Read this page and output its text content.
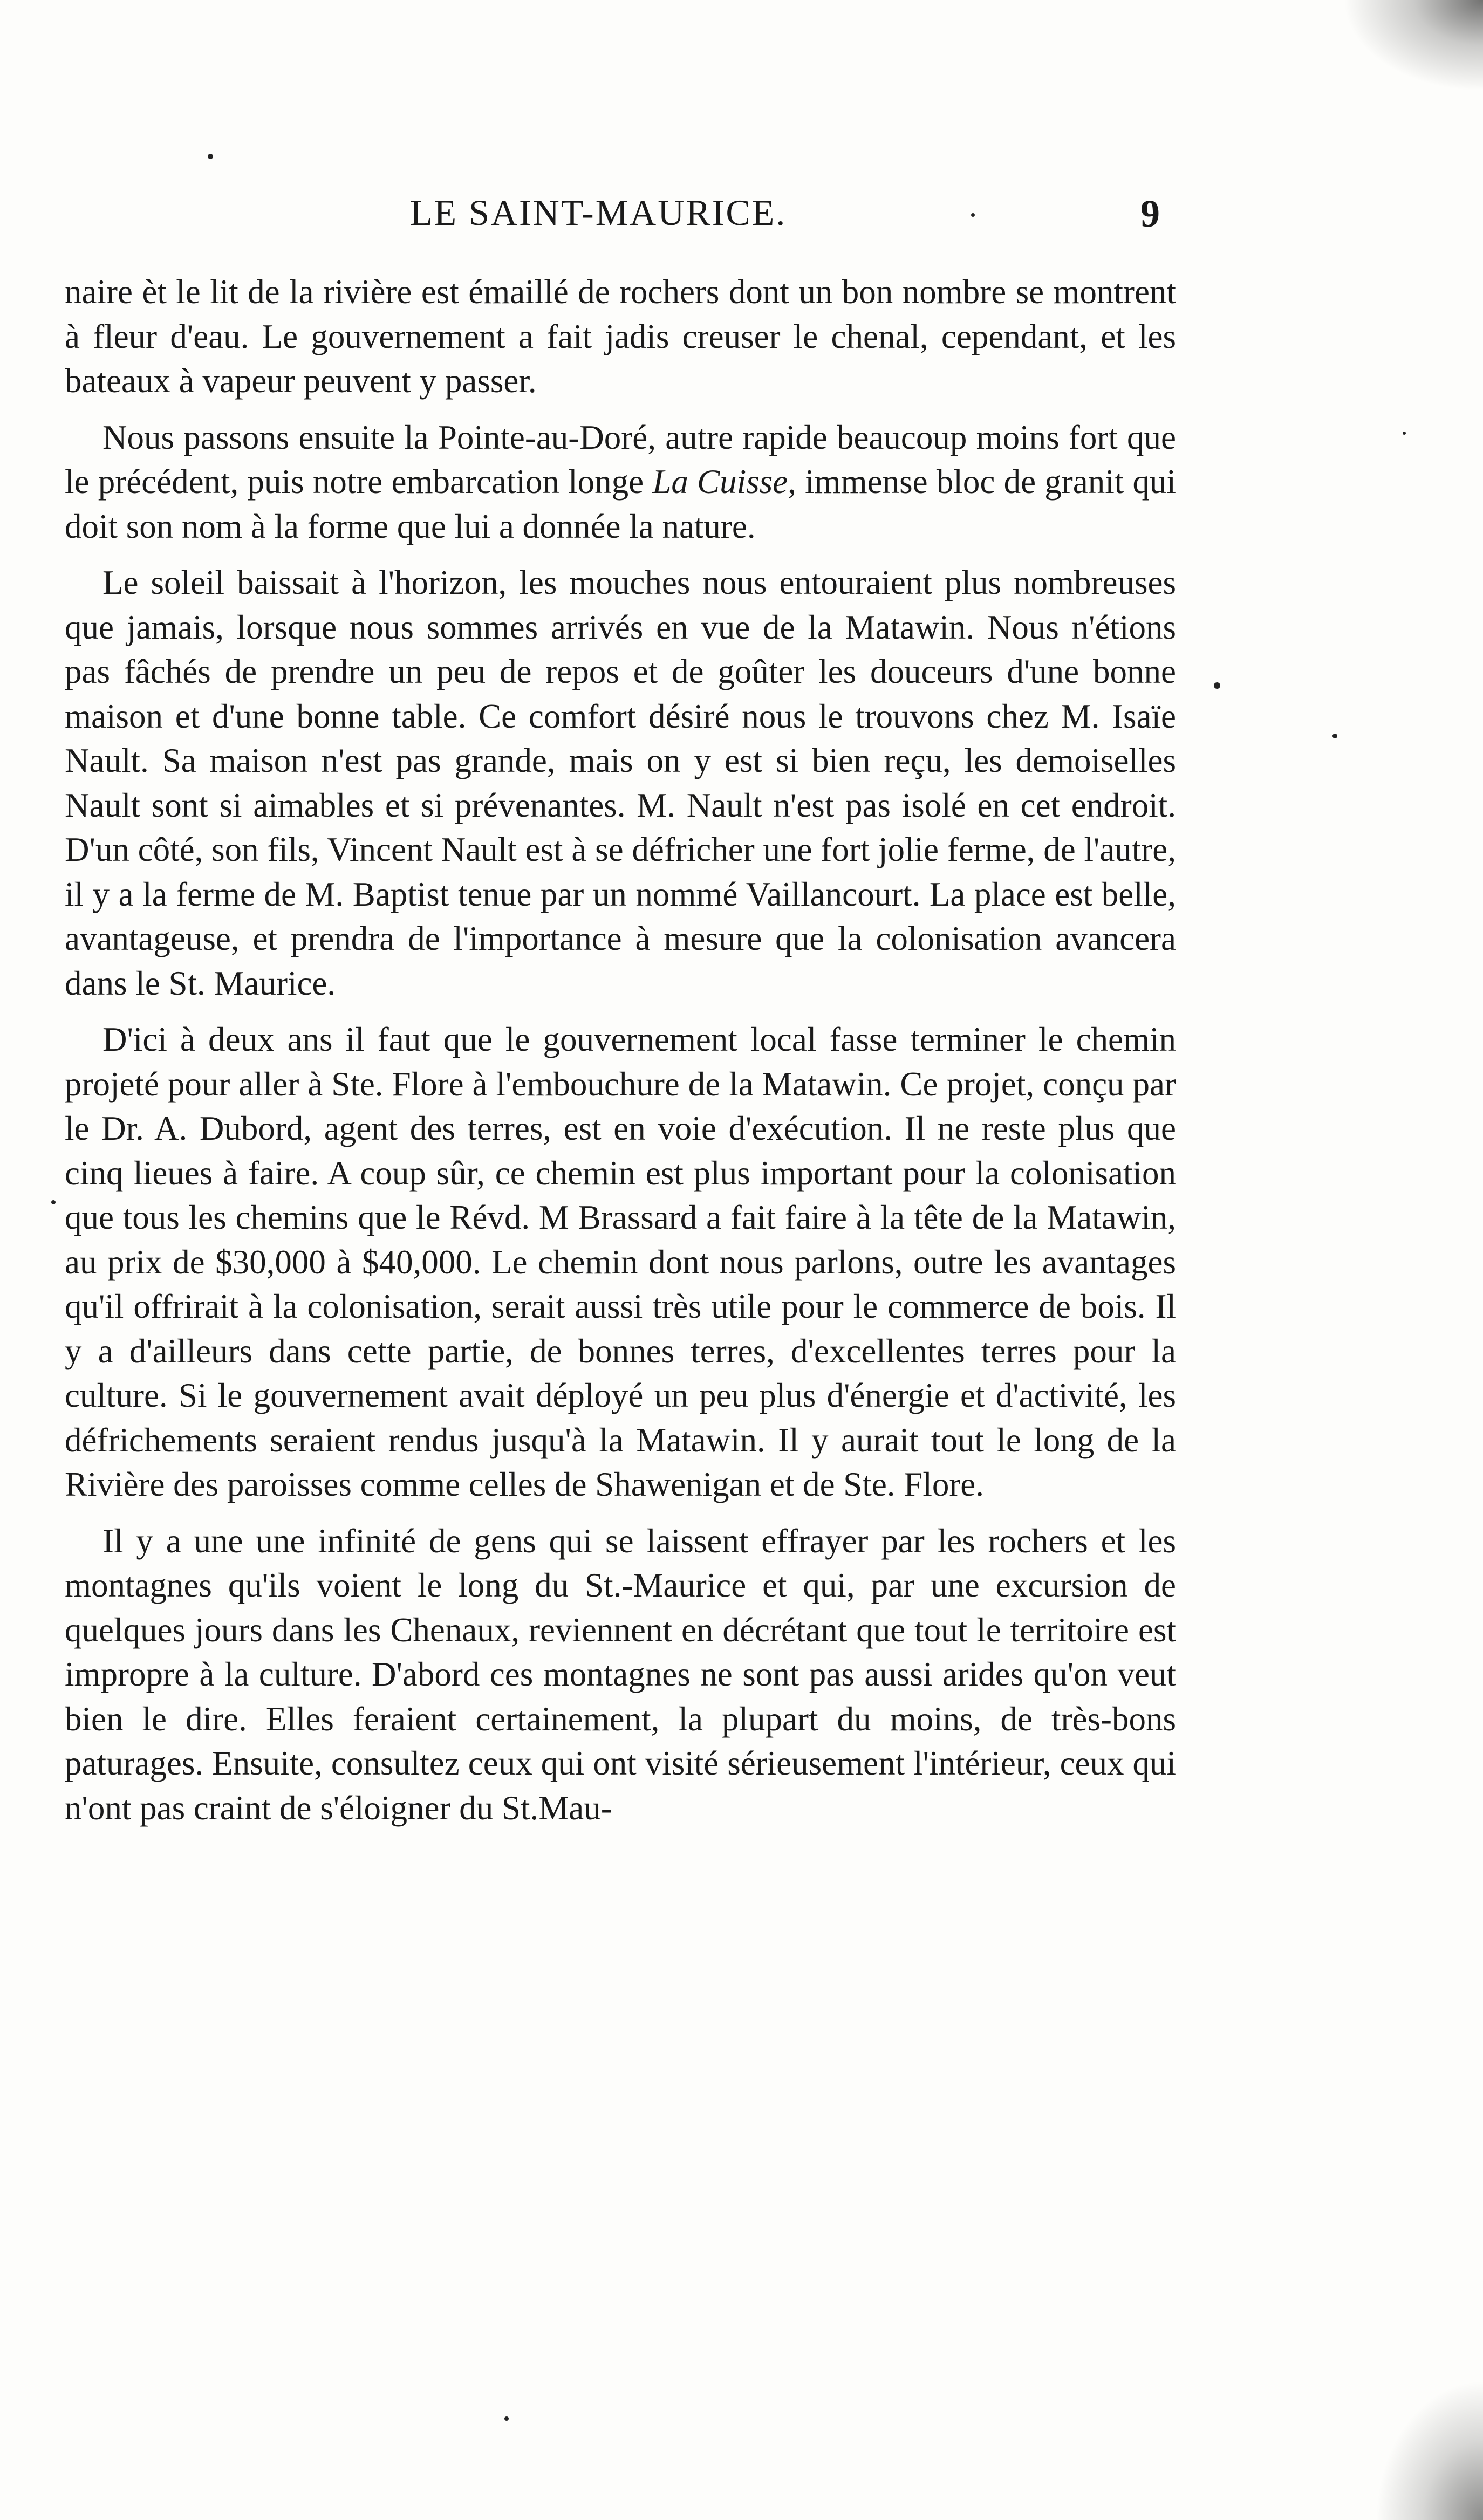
LE SAINT-MAURICE.	9

naire èt le lit de la rivière est émaillé de rochers dont un bon nombre se montrent à fleur d'eau. Le gouvernement a fait jadis creuser le chenal, cependant, et les bateaux à vapeur peuvent y passer.

Nous passons ensuite la Pointe-au-Doré, autre rapide beaucoup moins fort que le précédent, puis notre embarcation longe La Cuisse, immense bloc de granit qui doit son nom à la forme que lui a donnée la nature.

Le soleil baissait à l'horizon, les mouches nous entouraient plus nombreuses que jamais, lorsque nous sommes arrivés en vue de la Matawin. Nous n'étions pas fâchés de prendre un peu de repos et de goûter les douceurs d'une bonne maison et d'une bonne table. Ce comfort désiré nous le trouvons chez M. Isaïe Nault. Sa maison n'est pas grande, mais on y est si bien reçu, les demoiselles Nault sont si aimables et si prévenantes. M. Nault n'est pas isolé en cet endroit. D'un côté, son fils, Vincent Nault est à se défricher une fort jolie ferme, de l'autre, il y a la ferme de M. Baptist tenue par un nommé Vaillancourt. La place est belle, avantageuse, et prendra de l'importance à mesure que la colonisation avancera dans le St. Maurice.

D'ici à deux ans il faut que le gouvernement local fasse terminer le chemin projeté pour aller à Ste. Flore à l'embouchure de la Matawin. Ce projet, conçu par le Dr. A. Dubord, agent des terres, est en voie d'exécution. Il ne reste plus que cinq lieues à faire. A coup sûr, ce chemin est plus important pour la colonisation que tous les chemins que le Révd. M Brassard a fait faire à la tête de la Matawin, au prix de $30,000 à $40,000. Le chemin dont nous parlons, outre les avantages qu'il offrirait à la colonisation, serait aussi très utile pour le commerce de bois. Il y a d'ailleurs dans cette partie, de bonnes terres, d'excellentes terres pour la culture. Si le gouvernement avait déployé un peu plus d'énergie et d'activité, les défrichements seraient rendus jusqu'à la Matawin. Il y aurait tout le long de la Rivière des paroisses comme celles de Shawenigan et de Ste. Flore.

Il y a une une infinité de gens qui se laissent effrayer par les rochers et les montagnes qu'ils voient le long du St.-Maurice et qui, par une excursion de quelques jours dans les Chenaux, reviennent en décrétant que tout le territoire est impropre à la culture. D'abord ces montagnes ne sont pas aussi arides qu'on veut bien le dire. Elles feraient certainement, la plupart du moins, de très-bons paturages. Ensuite, consultez ceux qui ont visité sérieusement l'intérieur, ceux qui n'ont pas craint de s'éloigner du St.Mau-
